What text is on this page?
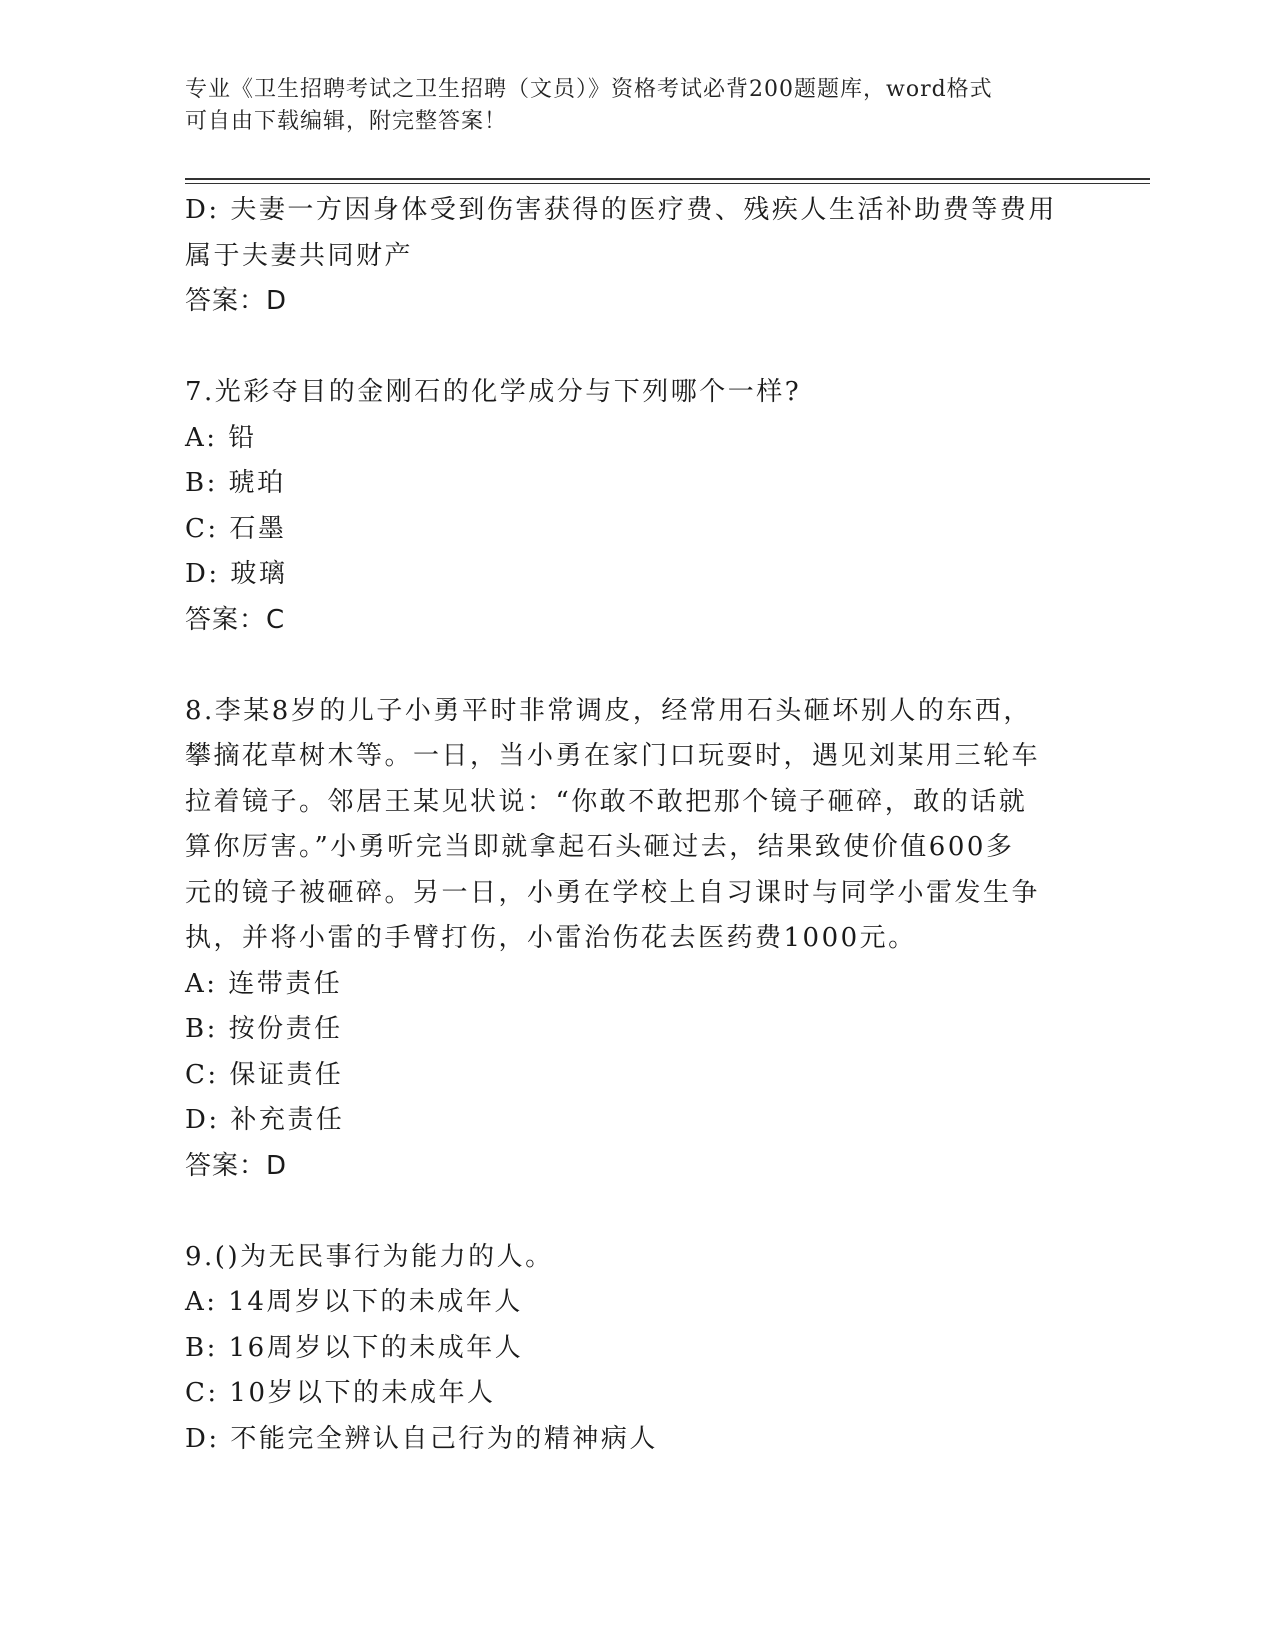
专业《卫生招聘考试之卫生招聘（文员）》资格考试必背200题题库，word格式
可自由下载编辑，附完整答案！
D: 夫妻一方因身体受到伤害获得的医疗费、残疾人生活补助费等费用
属于夫妻共同财产
答案：D
7.光彩夺目的金刚石的化学成分与下列哪个一样?
A: 铅
B: 琥珀
C: 石墨
D: 玻璃
答案：C
8.李某8岁的儿子小勇平时非常调皮，经常用石头砸坏别人的东西，
攀摘花草树木等。一日，当小勇在家门口玩耍时，遇见刘某用三轮车
拉着镜子。邻居王某见状说：“你敢不敢把那个镜子砸碎，敢的话就
算你厉害。”小勇听完当即就拿起石头砸过去，结果致使价值600多
元的镜子被砸碎。另一日，小勇在学校上自习课时与同学小雷发生争
执，并将小雷的手臂打伤，小雷治伤花去医药费1000元。
A: 连带责任
B: 按份责任
C: 保证责任
D: 补充责任
答案：D
9.()为无民事行为能力的人。
A: 14周岁以下的未成年人
B: 16周岁以下的未成年人
C: 10岁以下的未成年人
D: 不能完全辨认自己行为的精神病人
